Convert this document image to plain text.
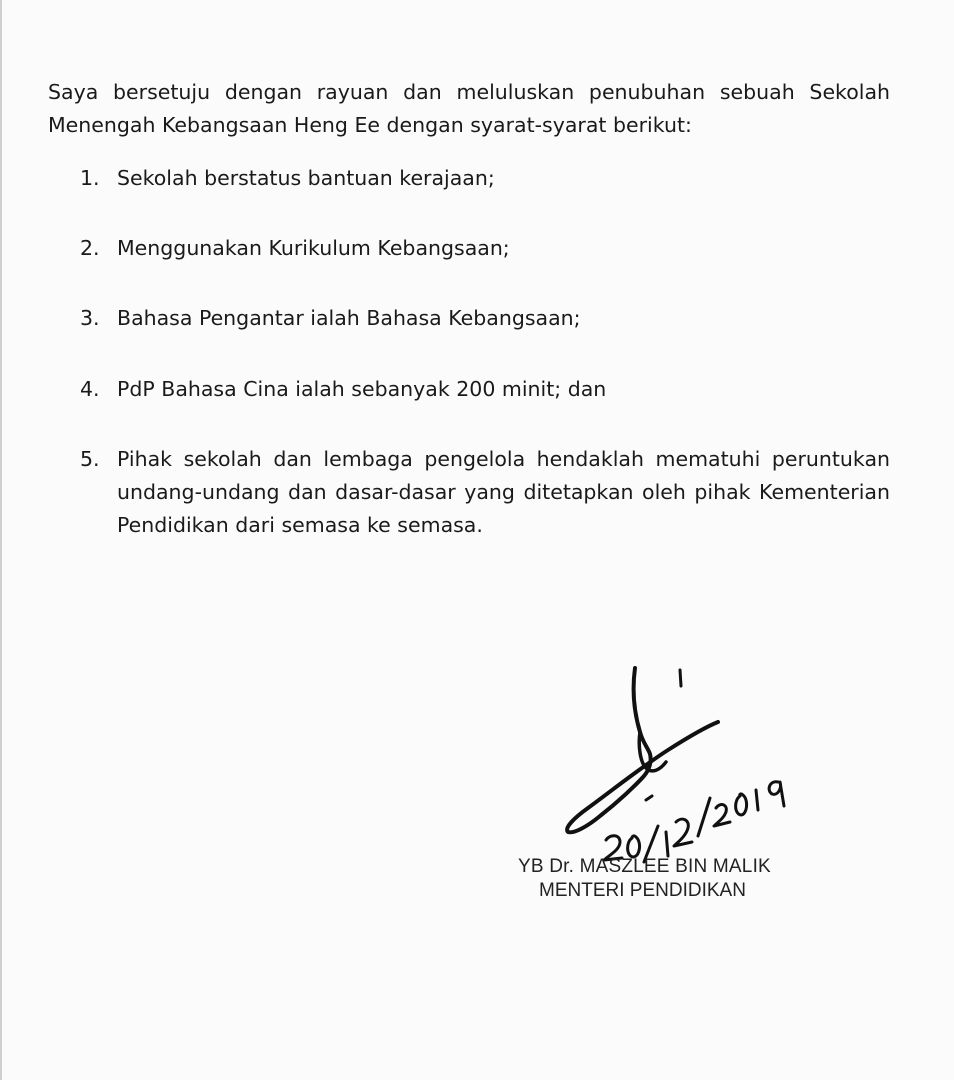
Saya bersetuju dengan rayuan dan meluluskan penubuhan sebuah Sekolah
Menengah Kebangsaan Heng Ee dengan syarat-syarat berikut:

1. Sekolah berstatus bantuan kerajaan;
2. Menggunakan Kurikulum Kebangsaan;
3. Bahasa Pengantar ialah Bahasa Kebangsaan;
4. PdP Bahasa Cina ialah sebanyak 200 minit; dan
5. Pihak sekolah dan lembaga pengelola hendaklah mematuhi peruntukan
undang-undang dan dasar-dasar yang ditetapkan oleh pihak Kementerian
Pendidikan dari semasa ke semasa.
YB Dr. MASZLEE BIN MALIK
MENTERI PENDIDIKAN
